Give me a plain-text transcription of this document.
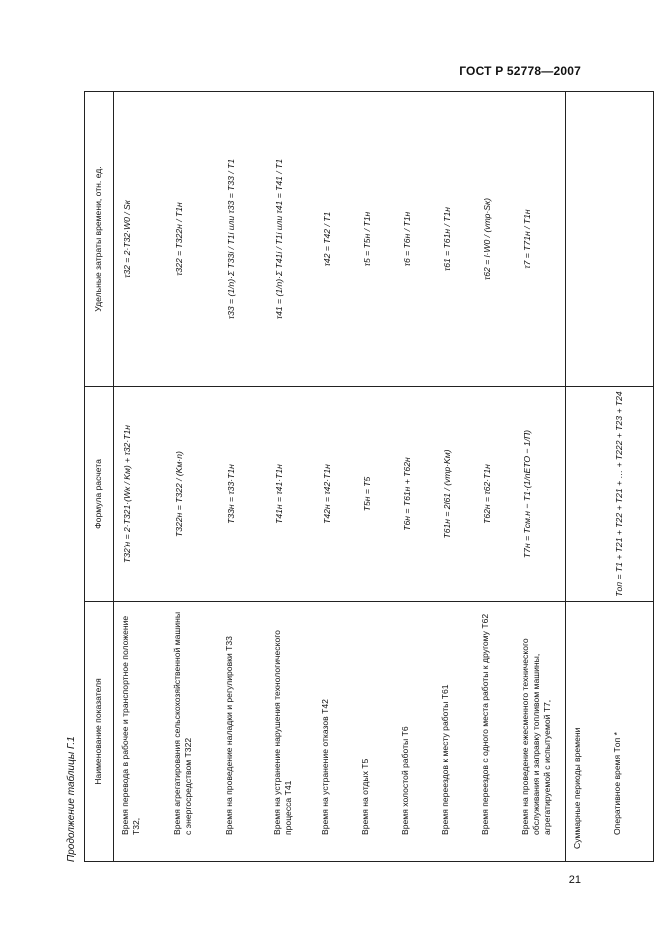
ГОСТ Р 52778—2007
Продолжение таблицы Г.1
Наименование показателя	Формула расчета	Удельные затраты времени, отн. ед.
Время перевода в рабочее и транспортное положение T32,	T32'н = 2·T321·(Wк / Kм) + τ32·T1н	τ32 = 2·T32·W0 / Sк
Время агрегатирования сельскохозяйственной машины с энергосредством T322	T322н = T322 / (Kм·n)	τ322 = T322н / T1н
Время на проведение наладки и регулировки T33	T33н = τ33·T1н	τ33 = (1/n)·Σ T33i / T1i или τ33 = T33 / T1
Время на устранение нарушения технологического процесса T41	T41н = τ41·T1н	τ41 = (1/n)·Σ T41i / T1i или τ41 = T41 / T1
Время на устранение отказов T42	T42н = τ42·T1н	τ42 = T42 / T1
Время на отдых T5	T5н = T5	τ5 = T5н / T1н
Время холостой работы T6	T6н = T61н + T62н	τ6 = T6н / T1н
Время переездов к месту работы T61	T61н = 2l61 / (vтр·Kм)	τ61 = T61н / T1н
Время переездов с одного места работы к другому T62	T62н = τ62·T1н	τ62 = l·W0 / (vтр·Sк)
Время на проведение ежесменного технического обслуживания и заправку топливом машины, агрегатируемой с испытуемой T7,	T7н = Tсм.н − T1·(1/nЕТО − 1/П)	τ7 = T71н / T1н
Суммарные периоды времени		
Оперативное время Tоп *	Tоп = T1 + T21 + T22 + T21 + … + T222 + T23 + T24	
21
